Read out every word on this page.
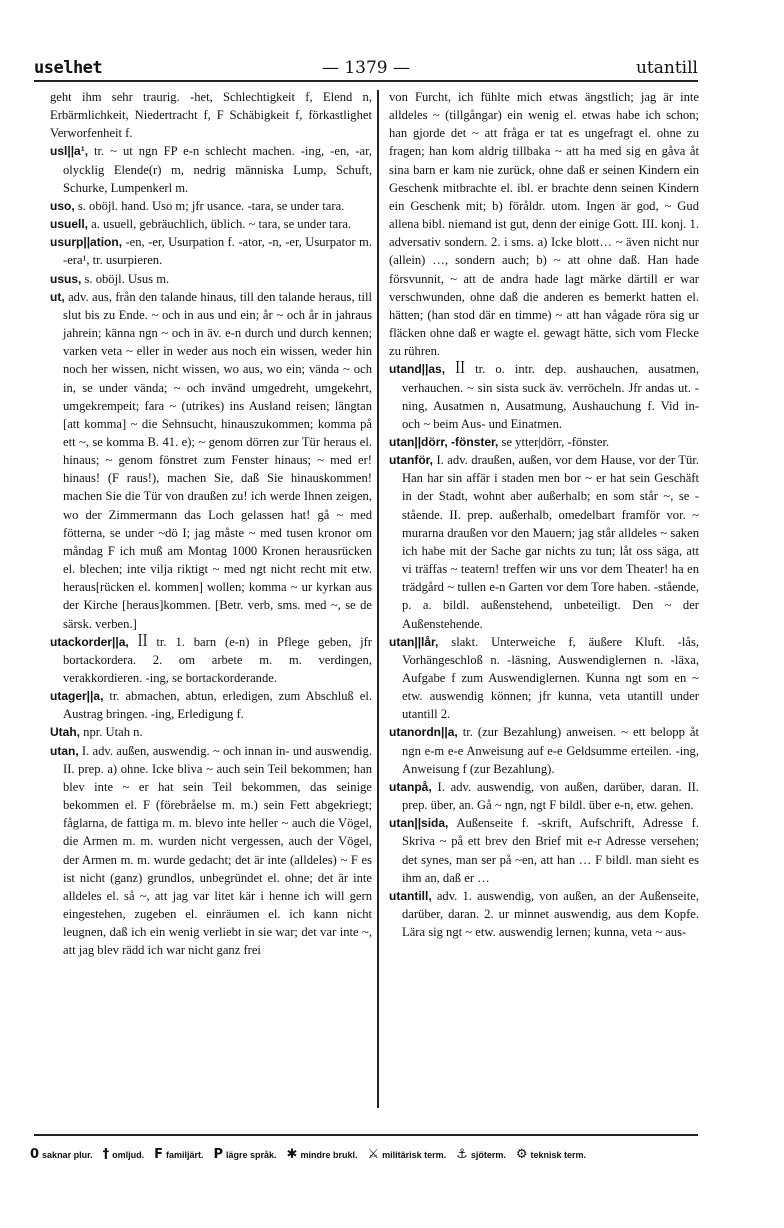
uselhet	— 1379 —	utantill

geht ihm sehr traurig. -het, Schlechtigkeit f, Elend n, Erbärmlichkeit, Niedertracht f, F Schäbigkeit f, förkastlighet Verworfenheit f.

usl||a¹, tr. ~ ut ngn FP e-n schlecht machen. -ing, -en, -ar, olycklig Elende(r) m, nedrig människa Lump, Schuft, Schurke, Lumpenkerl m.

uso, s. oböjl. hand. Uso m; jfr usance. -tara, se under tara.

usuell, a. usuell, gebräuchlich, üblich. ~ tara, se under tara.

usurp||ation, -en, -er, Usurpation f. -ator, -n, -er, Usurpator m. -era¹, tr. usurpieren.

usus, s. oböjl. Usus m.

ut, adv. aus, från den talande hinaus, till den talande heraus, till slut bis zu Ende. ~ och in aus und ein; år ~ och år in jahraus jahrein; känna ngn ~ och in äv. e-n durch und durch kennen; varken veta ~ eller in weder aus noch ein wissen, weder hin noch her wissen, nicht wissen, wo aus, wo ein; vända ~ och in, se under vända; ~ och invänd umgedreht, umgekehrt, umgekrempeit; fara ~ (utrikes) ins Ausland reisen; längtan [att komma] ~ die Sehnsucht, hinauszukommen; komma på ett ~, se komma B. 41. e); ~ genom dörren zur Tür heraus el. hinaus; ~ genom fönstret zum Fenster hinaus; ~ med er! hinaus! (F raus!), machen Sie, daß Sie hinauskommen! machen Sie die Tür von draußen zu! ich werde Ihnen zeigen, wo der Zimmermann das Loch gelassen hat! gå ~ med fötterna, se under ~dö I; jag måste ~ med tusen kronor om måndag F ich muß am Montag 1000 Kronen herausrücken el. blechen; inte vilja riktigt ~ med ngt nicht recht mit etw. heraus[rücken el. kommen] wollen; komma ~ ur kyrkan aus der Kirche [heraus]kommen. [Betr. verb, sms. med ~, se de särsk. verben.]

utackorder||a, ꟾꟾ tr. 1. barn (e-n) in Pflege geben, jfr bortackordera. 2. om arbete m. m. verdingen, verakkordieren. -ing, se bortackorderande.

utager||a, tr. abmachen, abtun, erledigen, zum Abschluß el. Austrag bringen. -ing, Erledigung f.

Utah, npr. Utah n.

utan, I. adv. außen, auswendig. ~ och innan in- und auswendig. II. prep. a) ohne. Icke bliva ~ auch sein Teil bekommen; han blev inte ~ er hat sein Teil bekommen, das seinige bekommen el. F (förebråelse m. m.) sein Fett abgekriegt; fåglarna, de fattiga m. m. blevo inte heller ~ auch die Vögel, die Armen m. m. wurden nicht vergessen, auch der Vögel, der Armen m. m. wurde gedacht; det är inte (alldeles) ~ F es ist nicht (ganz) grundlos, unbegründet el. ohne; det är inte alldeles el. så ~, att jag var litet kär i henne ich will gern eingestehen, zugeben el. einräumen el. ich kann nicht leugnen, daß ich ein wenig verliebt in sie war; det var inte ~, att jag blev rädd ich war nicht ganz frei

von Furcht, ich fühlte mich etwas ängstlich; jag är inte alldeles ~ (tillgångar) ein wenig el. etwas habe ich schon; han gjorde det ~ att fråga er tat es ungefragt el. ohne zu fragen; han kom aldrig tillbaka ~ att ha med sig en gåva åt sina barn er kam nie zurück, ohne daß er seinen Kindern ein Geschenk mitbrachte el. ibl. er brachte denn seinen Kindern ein Geschenk mit; b) föråldr. utom. Ingen är god, ~ Gud allena bibl. niemand ist gut, denn der einige Gott. III. konj. 1. adversativ sondern. 2. i sms. a) Icke blott… ~ även nicht nur (allein) …, sondern auch; b) ~ att ohne daß. Han hade försvunnit, ~ att de andra hade lagt märke därtill er war verschwunden, ohne daß die anderen es bemerkt hatten el. hätten; (han stod där en timme) ~ att han vågade röra sig ur fläcken ohne daß er wagte el. gewagt hätte, sich vom Flecke zu rühren.

utand||as, ꟾꟾ tr. o. intr. dep. aushauchen, ausatmen, verhauchen. ~ sin sista suck äv. verröcheln. Jfr andas ut. -ning, Ausatmen n, Ausatmung, Aushauchung f. Vid in- och ~ beim Aus- und Einatmen.

utan||dörr, -fönster, se ytter|dörr, -fönster.

utanför, I. adv. draußen, außen, vor dem Hause, vor der Tür. Han har sin affär i staden men bor ~ er hat sein Geschäft in der Stadt, wohnt aber außerhalb; en som står ~, se -stående. II. prep. außerhalb, omedelbart framför vor. ~ murarna draußen vor den Mauern; jag står alldeles ~ saken ich habe mit der Sache gar nichts zu tun; låt oss säga, att vi träffas ~ teatern! treffen wir uns vor dem Theater! ha en trädgård ~ tullen e-n Garten vor dem Tore haben. -stående, p. a. bildl. außenstehend, unbeteiligt. Den ~ der Außenstehende.

utan||lår, slakt. Unterweiche f, äußere Kluft. -lås, Vorhängeschloß n. -läsning, Auswendiglernen n. -läxa, Aufgabe f zum Auswendiglernen. Kunna ngt som en ~ etw. auswendig können; jfr kunna, veta utantill under utantill 2.

utanordn||a, tr. (zur Bezahlung) anweisen. ~ ett belopp åt ngn e-m e-e Anweisung auf e-e Geldsumme erteilen. -ing, Anweisung f (zur Bezahlung).

utanpå, I. adv. auswendig, von außen, darüber, daran. II. prep. über, an. Gå ~ ngn, ngt F bildl. über e-n, etw. gehen.

utan||sida, Außenseite f. -skrift, Aufschrift, Adresse f. Skriva ~ på ett brev den Brief mit e-r Adresse versehen; det synes, man ser på ~en, att han … F bildl. man sieht es ihm an, daß er …

utantill, adv. 1. auswendig, von außen, an der Außenseite, darüber, daran. 2. ur minnet auswendig, aus dem Kopfe. Lära sig ngt ~ etw. auswendig lernen; kunna, veta ~ aus-

0 saknar plur. † omljud. F familjärt. P lägre språk. ✱ mindre brukl. ⚔ militärisk term. ⚓ sjöterm. ⚙ teknisk term.
